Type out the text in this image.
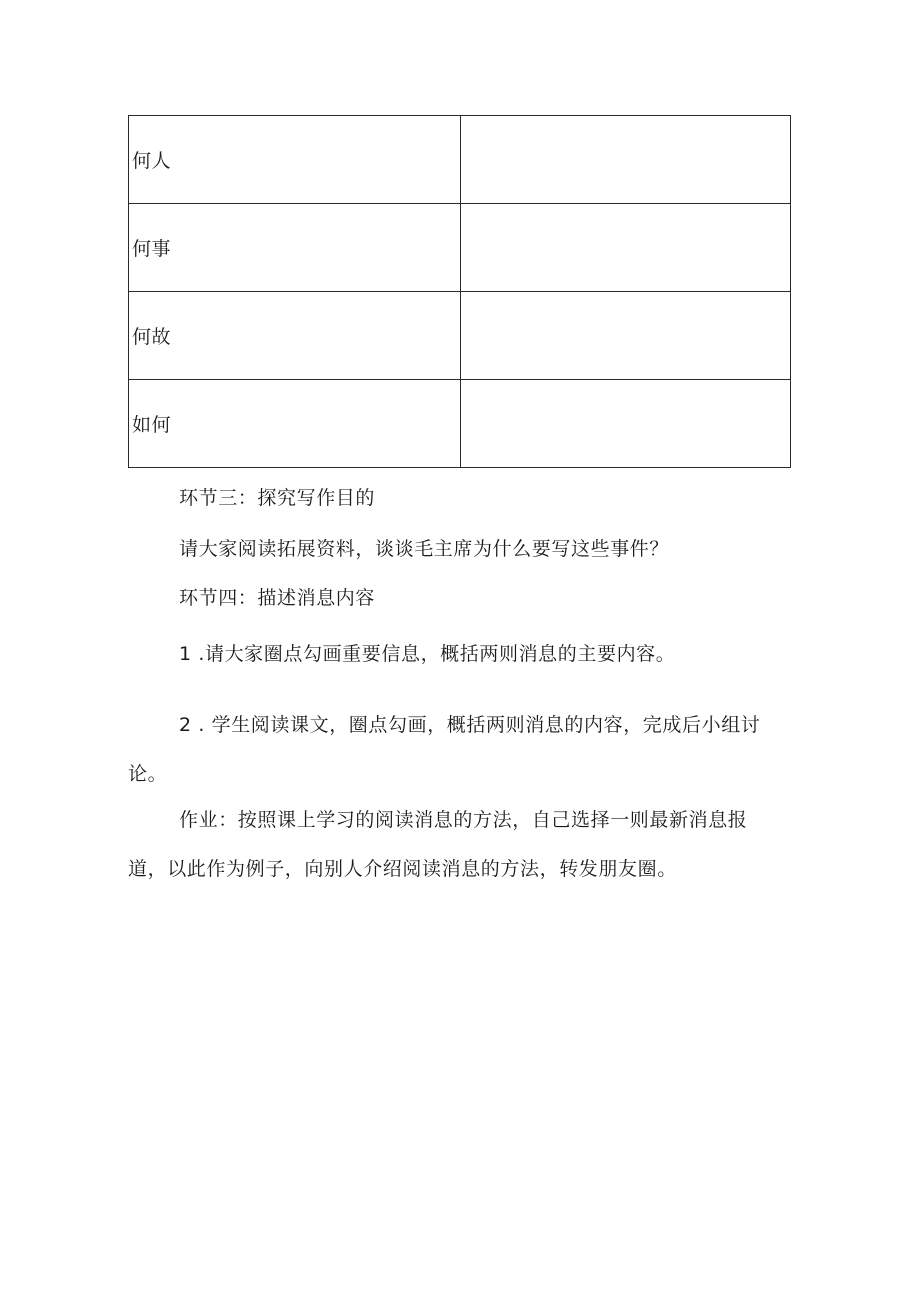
何人	
何事	
何故	
如何	
环节三：探究写作目的
请大家阅读拓展资料，谈谈毛主席为什么要写这些事件？
环节四：描述消息内容
1 .请大家圈点勾画重要信息，概括两则消息的主要内容。
2 . 学生阅读课文，圈点勾画，概括两则消息的内容，完成后小组讨
论。
作业：按照课上学习的阅读消息的方法，自己选择一则最新消息报
道，以此作为例子，向别人介绍阅读消息的方法，转发朋友圈。
